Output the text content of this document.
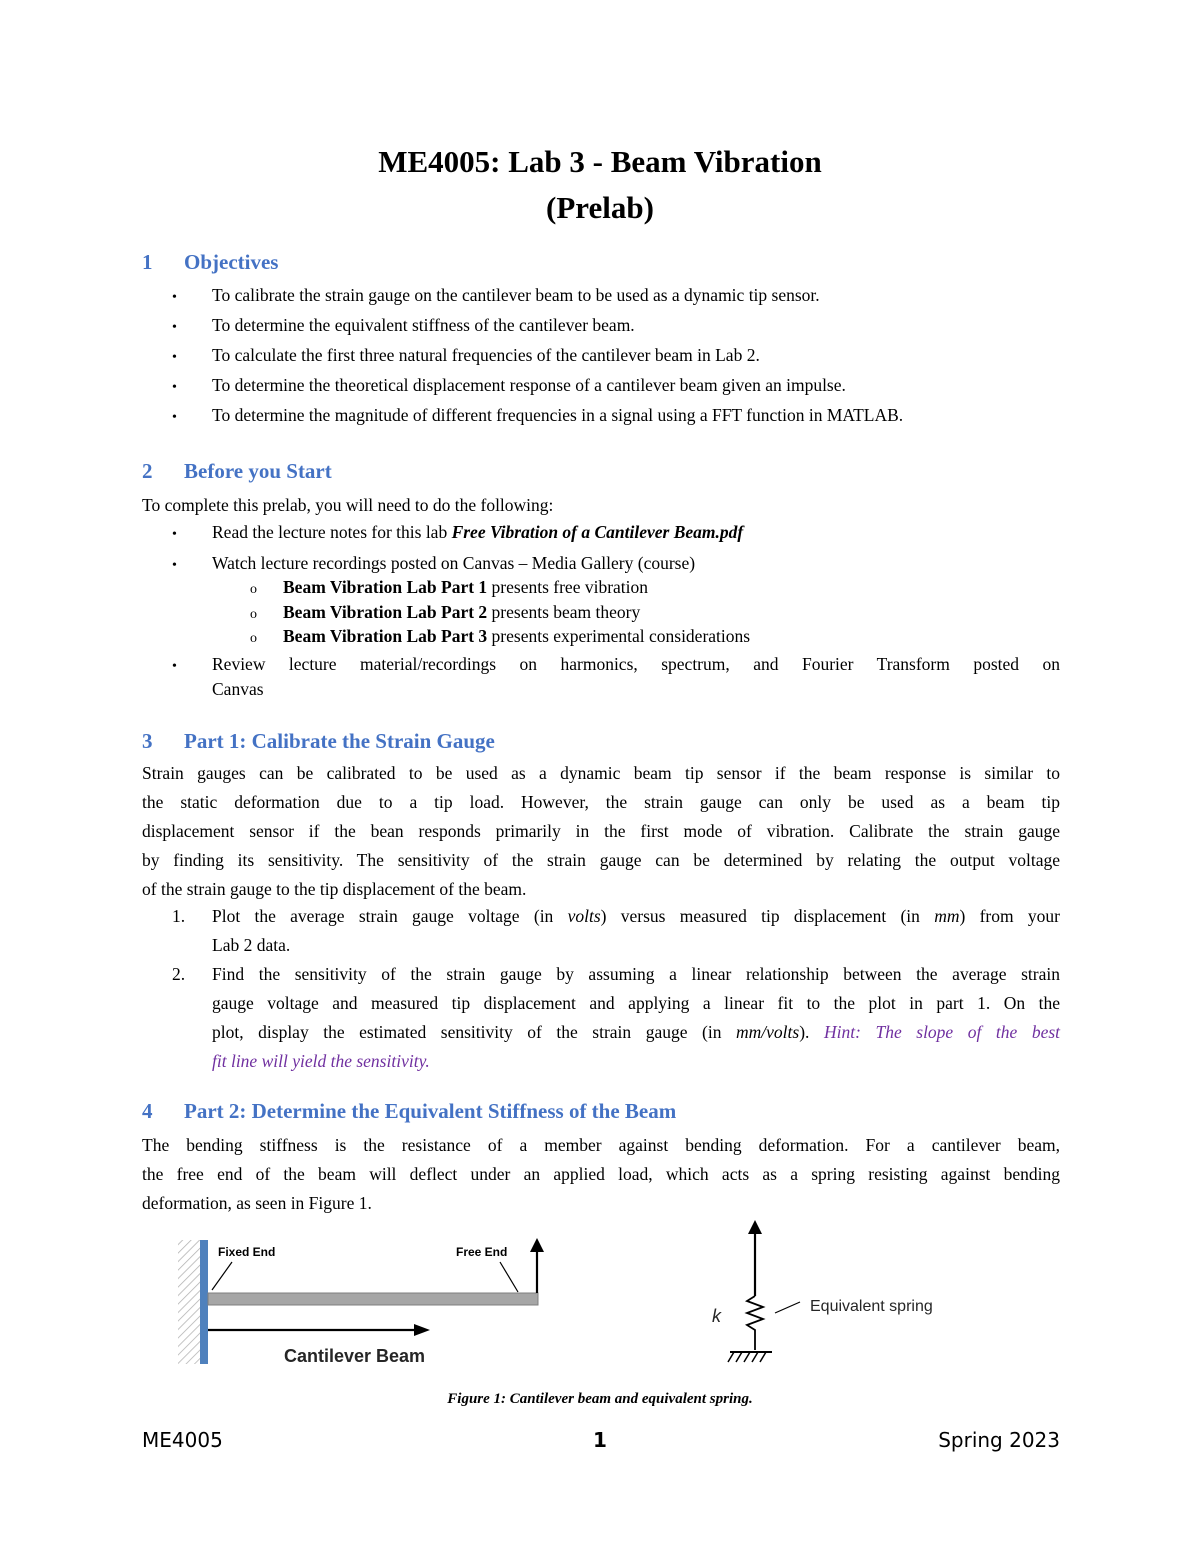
ME4005: Lab 3 - Beam Vibration
(Prelab)
1 Objectives
• To calibrate the strain gauge on the cantilever beam to be used as a dynamic tip sensor.
• To determine the equivalent stiffness of the cantilever beam.
• To calculate the first three natural frequencies of the cantilever beam in Lab 2.
• To determine the theoretical displacement response of a cantilever beam given an impulse.
• To determine the magnitude of different frequencies in a signal using a FFT function in MATLAB.
2 Before you Start
To complete this prelab, you will need to do the following:
• Read the lecture notes for this lab Free Vibration of a Cantilever Beam.pdf
• Watch lecture recordings posted on Canvas – Media Gallery (course)
o Beam Vibration Lab Part 1 presents free vibration
o Beam Vibration Lab Part 2 presents beam theory
o Beam Vibration Lab Part 3 presents experimental considerations
•	Review lecture material/recordings on harmonics, spectrum, and Fourier Transform posted on
Canvas
3 Part 1: Calibrate the Strain Gauge
Strain gauges can be calibrated to be used as a dynamic beam tip sensor if the beam response is similar to
the static deformation due to a tip load. However, the strain gauge can only be used as a beam tip
displacement sensor if the bean responds primarily in the first mode of vibration. Calibrate the strain gauge
by finding its sensitivity. The sensitivity of the strain gauge can be determined by relating the output voltage
of the strain gauge to the tip displacement of the beam.
1.	Plot the average strain gauge voltage (in volts) versus measured tip displacement (in mm) from your
Lab 2 data.
2.	Find the sensitivity of the strain gauge by assuming a linear relationship between the average strain
gauge voltage and measured tip displacement and applying a linear fit to the plot in part 1. On the
plot, display the estimated sensitivity of the strain gauge (in mm/volts). Hint: The slope of the best
fit line will yield the sensitivity.
4 Part 2: Determine the Equivalent Stiffness of the Beam
The bending stiffness is the resistance of a member against bending deformation. For a cantilever beam,
the free end of the beam will deflect under an applied load, which acts as a spring resisting against bending
deformation, as seen in Figure 1.
Fixed End	Free End
Cantilever Beam
k	Equivalent spring
Figure 1: Cantilever beam and equivalent spring.
ME4005	1	Spring 2023
